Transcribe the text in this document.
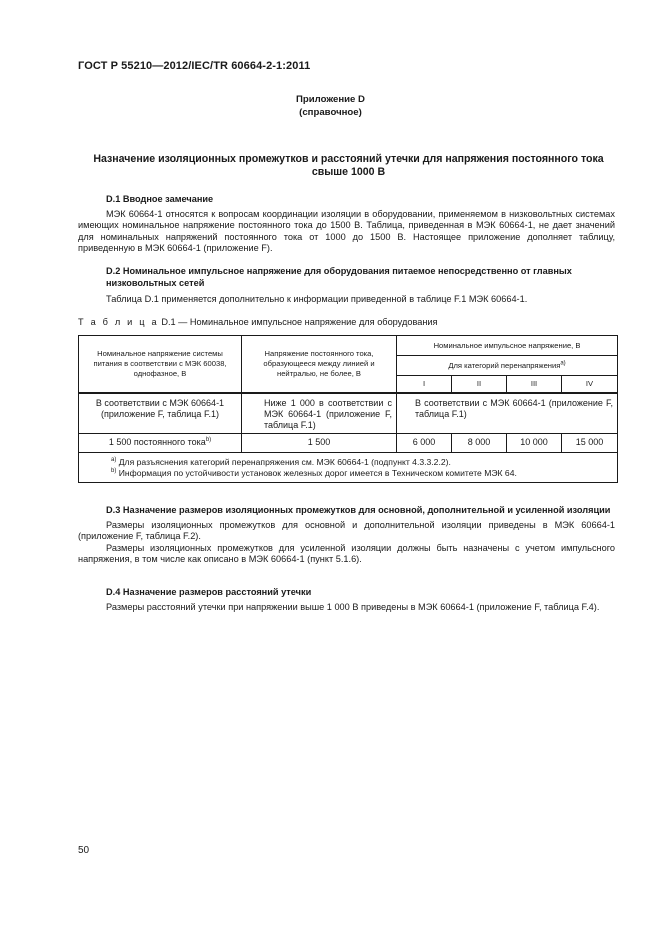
ГОСТ Р 55210—2012/IEC/TR 60664-2-1:2011
Приложение D
(справочное)
Назначение изоляционных промежутков и расстояний утечки для напряжения постоянного тока свыше 1000 В
D.1 Вводное замечание

МЭК 60664-1 относятся к вопросам координации изоляции в оборудовании, применяемом в низковольтных системах имеющих номинальное напряжение постоянного тока до 1500 В. Таблица, приведенная в МЭК 60664-1, не дает значений для номинальных напряжений постоянного тока от 1000 до 1500 В. Настоящее приложение дополняет таблицу, приведенную в МЭК 60664-1 (приложение F).

D.2 Номинальное импульсное напряжение для оборудования питаемое непосредственно от главных низковольтных сетей

Таблица D.1 применяется дополнительно к информации приведенной в таблице F.1 МЭК 60664-1.

Т а б л и ц а D.1 — Номинальное импульсное напряжение для оборудования
Номинальное напряжение системы питания в соответствии с МЭК 60038, однофазное, В	Напряжение постоянного тока, образующееся между линией и нейтралью, не более, В	Номинальное импульсное напряжение, В			
		Для категорий перенапряжения$^{a)}$
		I	II	III	IV
В соответствии с МЭК 60664-1 (приложение F, таблица F.1)	Ниже 1 000 в соответствии с МЭК 60664-1 (приложение F, таблица F.1)	В соответствии с МЭК 60664-1 (приложение F, таблица F.1)			
1 500 постоянного тока$^{b)}$	1 500	6 000	8 000	10 000	15 000

$^{a)}$ Для разъяснения категорий перенапряжения см. МЭК 60664-1 (подпункт 4.3.3.2.2).
$^{b)}$ Информация по устойчивости установок железных дорог имеется в Техническом комитете МЭК 64.					
D.3 Назначение размеров изоляционных промежутков для основной, дополнительной и усиленной изоляции

Размеры изоляционных промежутков для основной и дополнительной изоляции приведены в МЭК 60664-1 (приложение F, таблица F.2).

Размеры изоляционных промежутков для усиленной изоляции должны быть назначены с учетом импульсного напряжения, в том числе как описано в МЭК 60664-1 (пункт 5.1.6).

D.4 Назначение размеров расстояний утечки

Размеры расстояний утечки при напряжении выше 1 000 В приведены в МЭК 60664-1 (приложение F, таблица F.4).

50
